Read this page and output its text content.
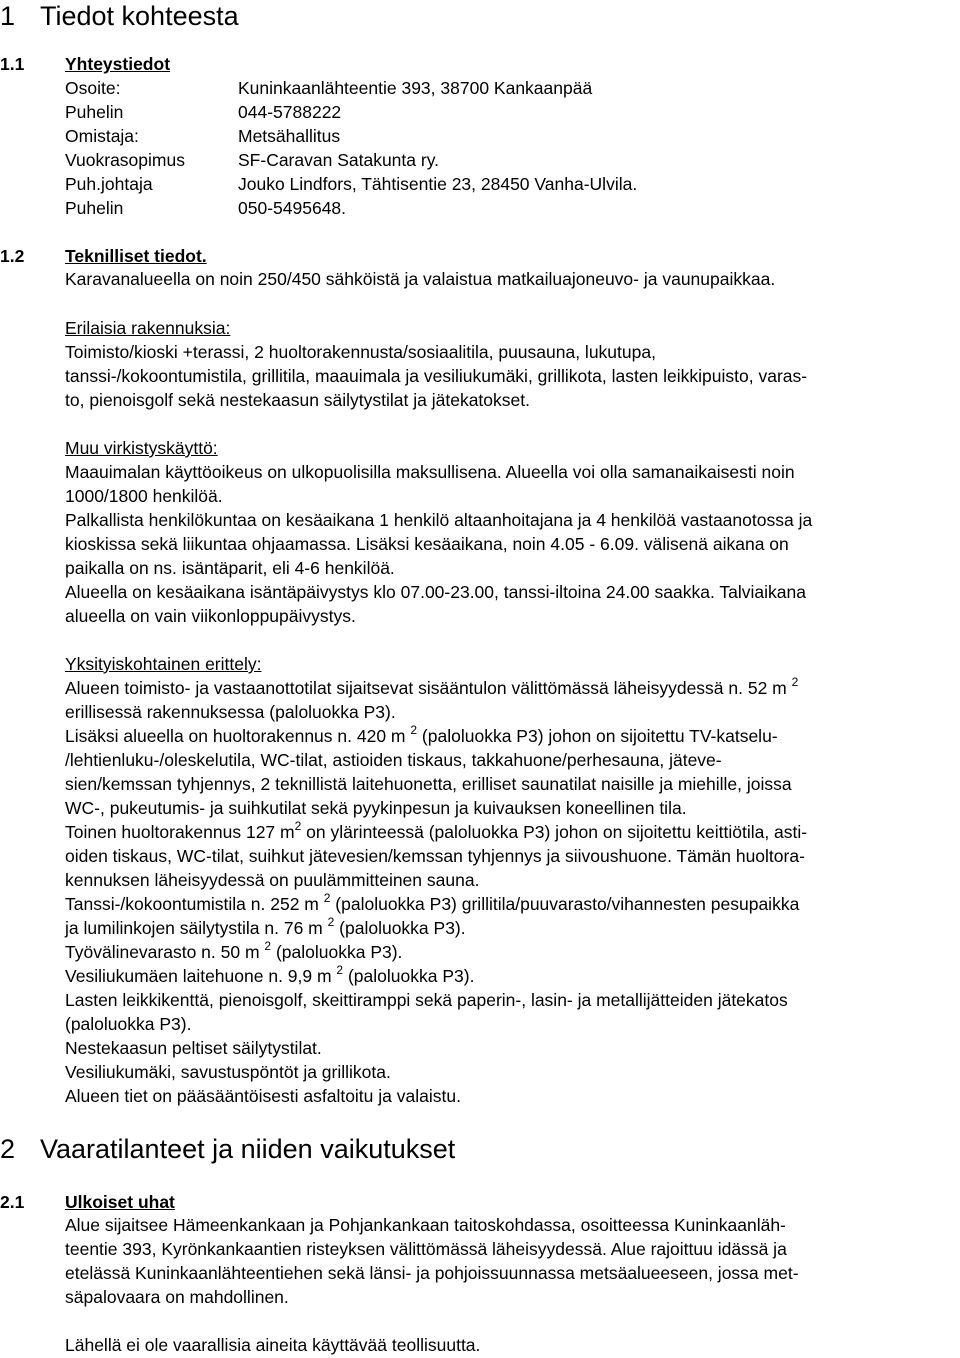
1 Tiedot kohteesta
1.1 Yhteystiedot
Osoite:	Kuninkaanlähteentie 393, 38700 Kankaanpää
Puhelin	044-5788222
Omistaja:	Metsähallitus
Vuokrasopimus	SF-Caravan Satakunta ry.
Puh.johtaja	Jouko Lindfors, Tähtisentie 23, 28450 Vanha-Ulvila.
Puhelin	050-5495648.
1.2 Teknilliset tiedot.
Karavanalueella on noin 250/450 sähköistä ja valaistua matkailuajoneuvo- ja vaunupaikkaa.
Erilaisia rakennuksia:
Toimisto/kioski +terassi, 2 huoltorakennusta/sosiaalitila, puusauna, lukutupa,
tanssi-/kokoontumistila, grillitila, maauimala ja vesiliukumäki, grillikota, lasten leikkipuisto, varas-
to, pienoisgolf sekä nestekaasun säilytystilat ja jätekatokset.
Muu virkistyskäyttö:
Maauimalan käyttöoikeus on ulkopuolisilla maksullisena. Alueella voi olla samanaikaisesti noin
1000/1800 henkilöä.
Palkallista henkilökuntaa on kesäaikana 1 henkilö altaanhoitajana ja 4 henkilöä vastaanotossa ja
kioskissa sekä liikuntaa ohjaamassa. Lisäksi kesäaikana, noin 4.05 - 6.09. välisenä aikana on
paikalla on ns. isäntäparit, eli 4-6 henkilöä.
Alueella on kesäaikana isäntäpäivystys klo 07.00-23.00, tanssi-iltoina 24.00 saakka. Talviaikana
alueella on vain viikonloppupäivystys.
Yksityiskohtainen erittely:
Alueen toimisto- ja vastaanottotilat sijaitsevat sisääntulon välittömässä läheisyydessä n. 52 m $^2$
erillisessä rakennuksessa (paloluokka P3).
Lisäksi alueella on huoltorakennus n. 420 m $^2$ (paloluokka P3) johon on sijoitettu TV-katselu-
/lehtienluku-/oleskelutila, WC-tilat, astioiden tiskaus, takkahuone/perhesauna, jäteve-
sien/kemssan tyhjennys, 2 teknillistä laitehuonetta, erilliset saunatilat naisille ja miehille, joissa
WC-, pukeutumis- ja suihkutilat sekä pyykinpesun ja kuivauksen koneellinen tila.
Toinen huoltorakennus 127 $m^2$ on ylärinteessä (paloluokka P3) johon on sijoitettu keittiötila, asti-
oiden tiskaus, WC-tilat, suihkut jätevesien/kemssan tyhjennys ja siivoushuone. Tämän huoltora-
kennuksen läheisyydessä on puulämmitteinen sauna.
Tanssi-/kokoontumistila n. 252 m $^2$ (paloluokka P3) grillitila/puuvarasto/vihannesten pesupaikka
ja lumilinkojen säilytystila n. 76 m $^2$ (paloluokka P3).
Työvälinevarasto n. 50 m $^2$ (paloluokka P3).
Vesiliukumäen laitehuone n. 9,9 m $^2$ (paloluokka P3).
Lasten leikkikenttä, pienoisgolf, skeittiramppi sekä paperin-, lasin- ja metallijätteiden jätekatos
(paloluokka P3).
Nestekaasun peltiset säilytystilat.
Vesiliukumäki, savustuspöntöt ja grillikota.
Alueen tiet on pääsääntöisesti asfaltoitu ja valaistu.
2 Vaaratilanteet ja niiden vaikutukset
2.1 Ulkoiset uhat
Alue sijaitsee Hämeenkankaan ja Pohjankankaan taitoskohdassa, osoitteessa Kuninkaanläh-
teentie 393, Kyrönkankaantien risteyksen välittömässä läheisyydessä. Alue rajoittuu idässä ja
etelässä Kuninkaanlähteentiehen sekä länsi- ja pohjoissuunnassa metsäalueeseen, jossa met-
säpalovaara on mahdollinen.
Lähellä ei ole vaarallisia aineita käyttävää teollisuutta.
